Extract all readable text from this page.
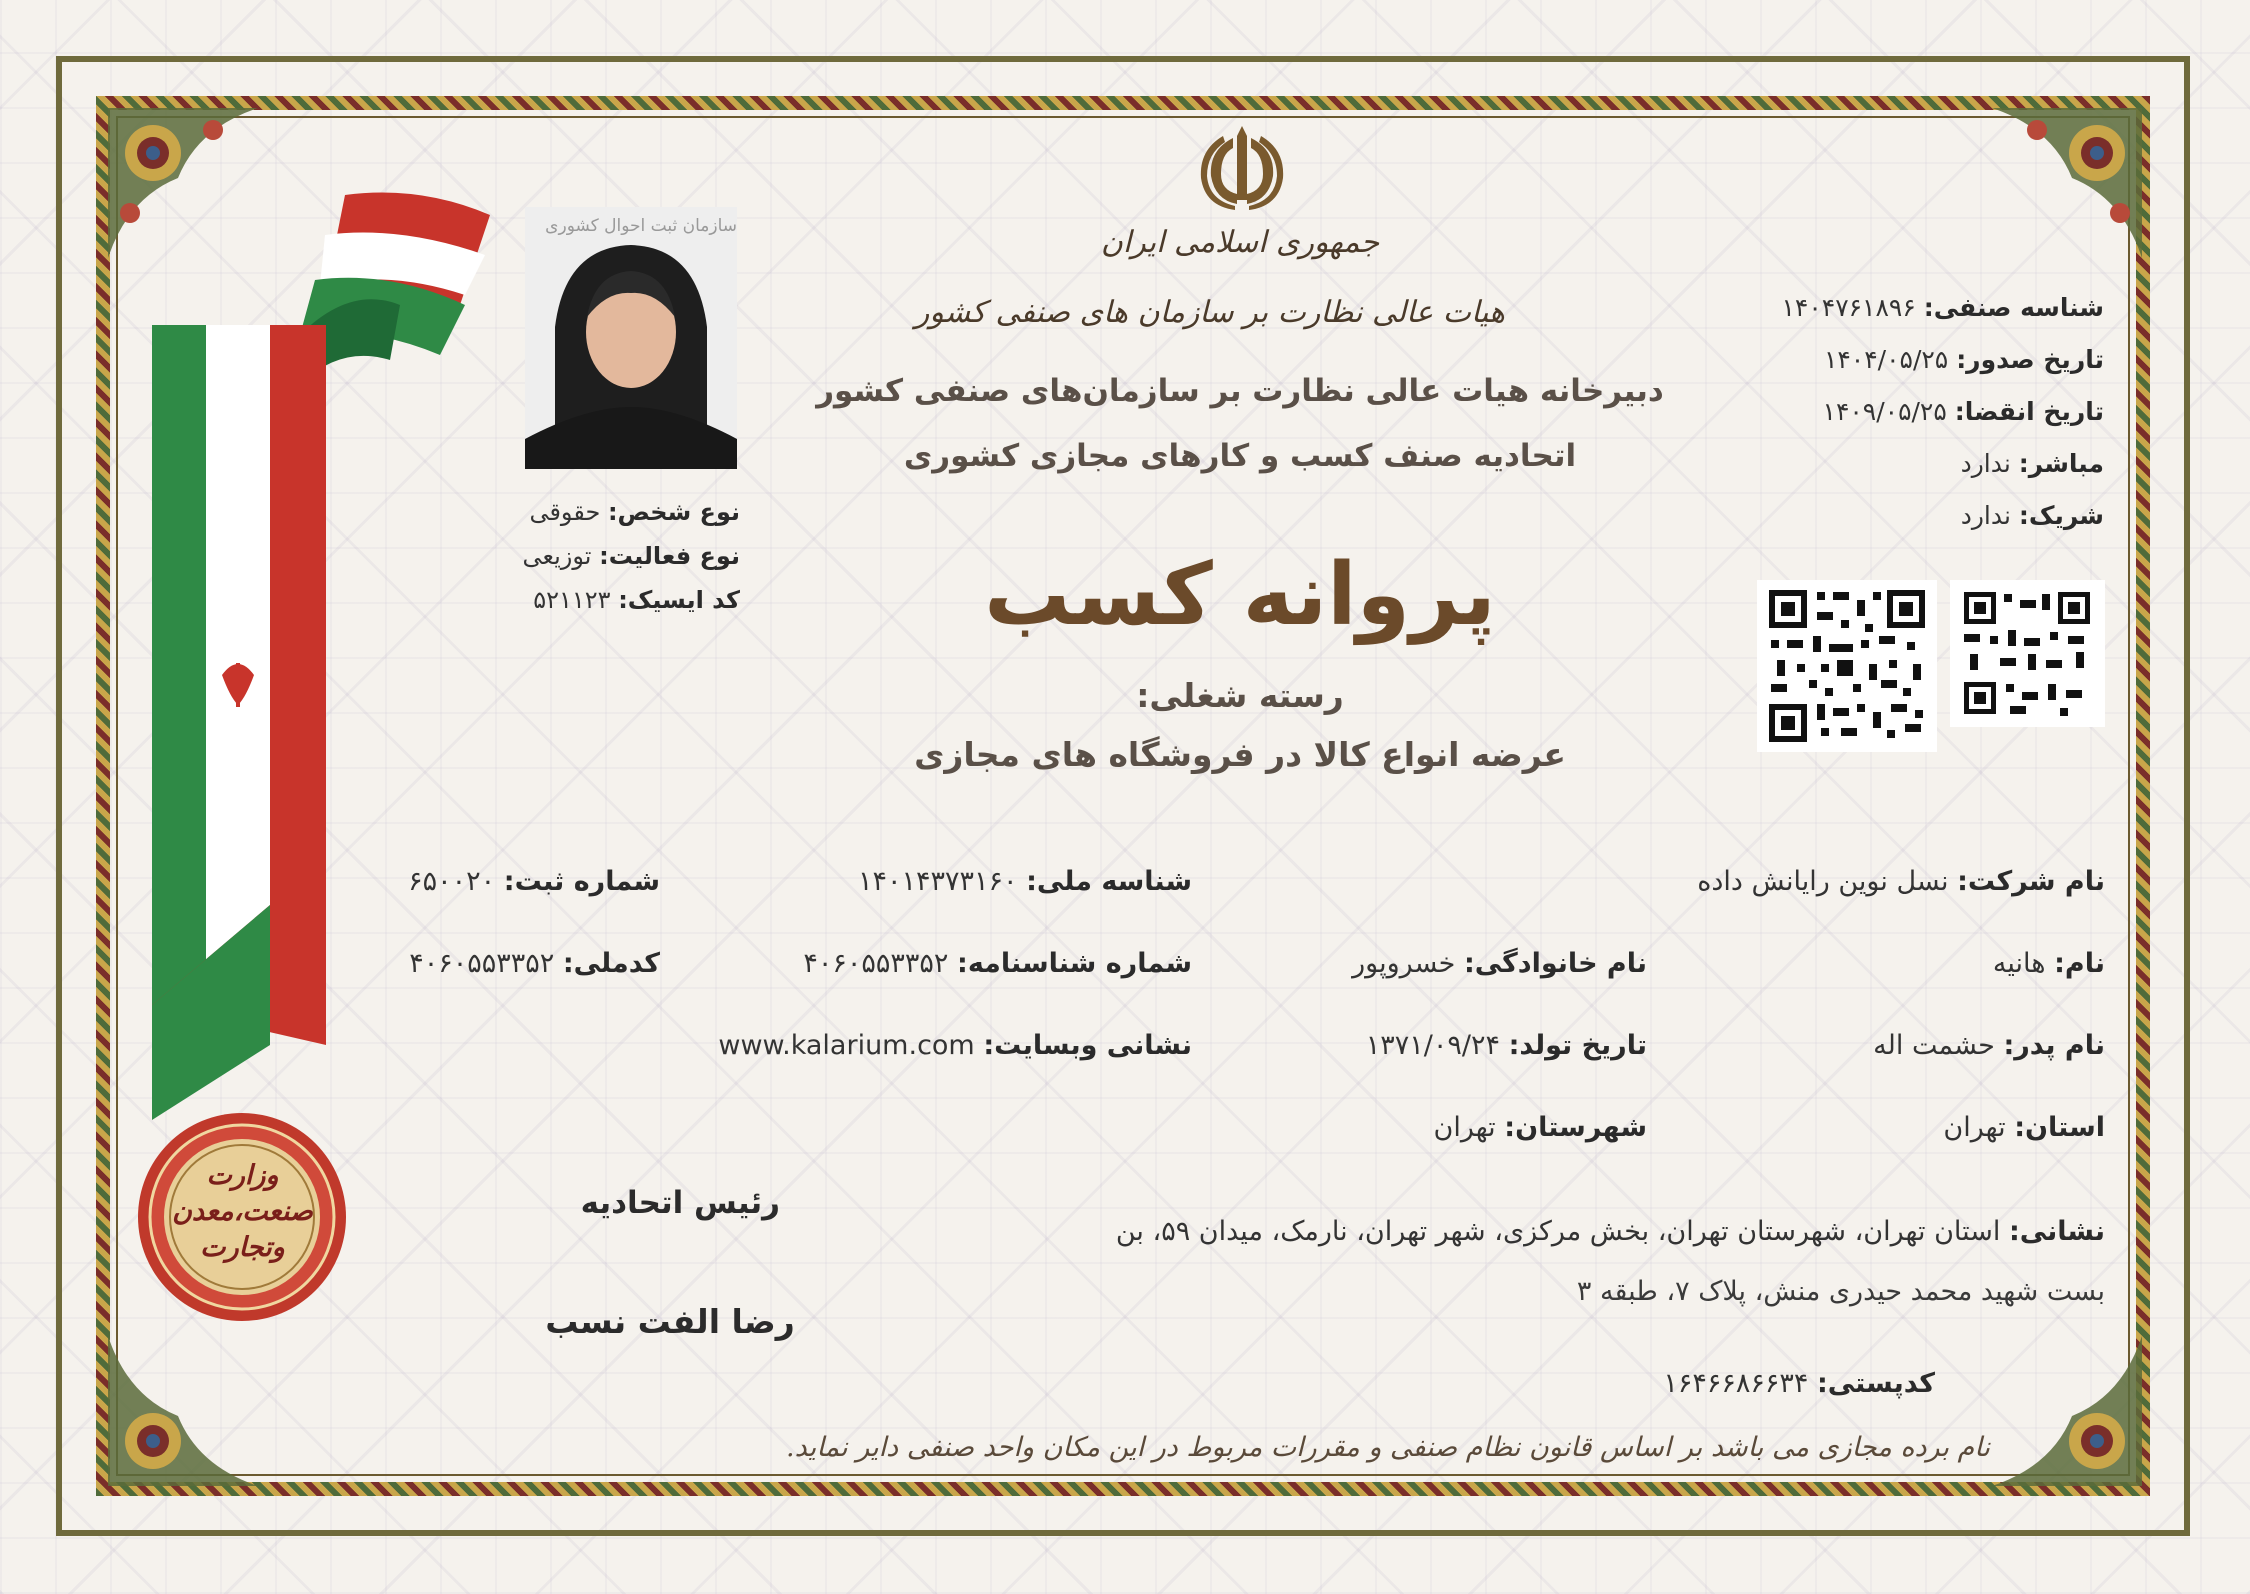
وزارت صنعت،معدن وتجارت
سازمان ثبت احوال کشوری
نوع شخص: حقوقی
نوع فعالیت: توزیعی
کد ایسیک: ۵۲۱۱۲۳
جمهوری اسلامی ایران
هیات عالی نظارت بر سازمان های صنفی کشور
دبیرخانه هیات عالی نظارت بر سازمان‌های صنفی کشور
اتحادیه صنف کسب و کارهای مجازی کشوری
پروانه کسب
رسته شغلی:
عرضه انواع کالا در فروشگاه های مجازی
شناسه صنفی: ۱۴۰۴۷۶۱۸۹۶
تاریخ صدور: ۱۴۰۴/۰۵/۲۵
تاریخ انقضا: ۱۴۰۹/۰۵/۲۵
مباشر: ندارد
شریک: ندارد
نام شرکت: نسل نوین رایانش داده
شناسه ملی: ۱۴۰۱۴۳۷۳۱۶۰
شماره ثبت: ۶۵۰۰۲۰
نام: هانیه
نام خانوادگی: خسروپور
شماره شناسنامه: ۴۰۶۰۵۵۳۳۵۲
کدملی: ۴۰۶۰۵۵۳۳۵۲
نام پدر: حشمت اله
تاریخ تولد: ۱۳۷۱/۰۹/۲۴
نشانی وبسایت: www.kalarium.com
استان: تهران
شهرستان: تهران
نشانی: استان تهران، شهرستان تهران، بخش مرکزی، شهر تهران، نارمک، میدان ۵۹، بن
بست شهید محمد حیدری منش، پلاک ۷، طبقه ۳
کدپستی: ۱۶۴۶۶۸۶۶۳۴
رئیس اتحادیه
رضا الفت نسب
نام برده مجازی می باشد بر اساس قانون نظام صنفی و مقررات مربوط در این مکان واحد صنفی دایر نماید.
